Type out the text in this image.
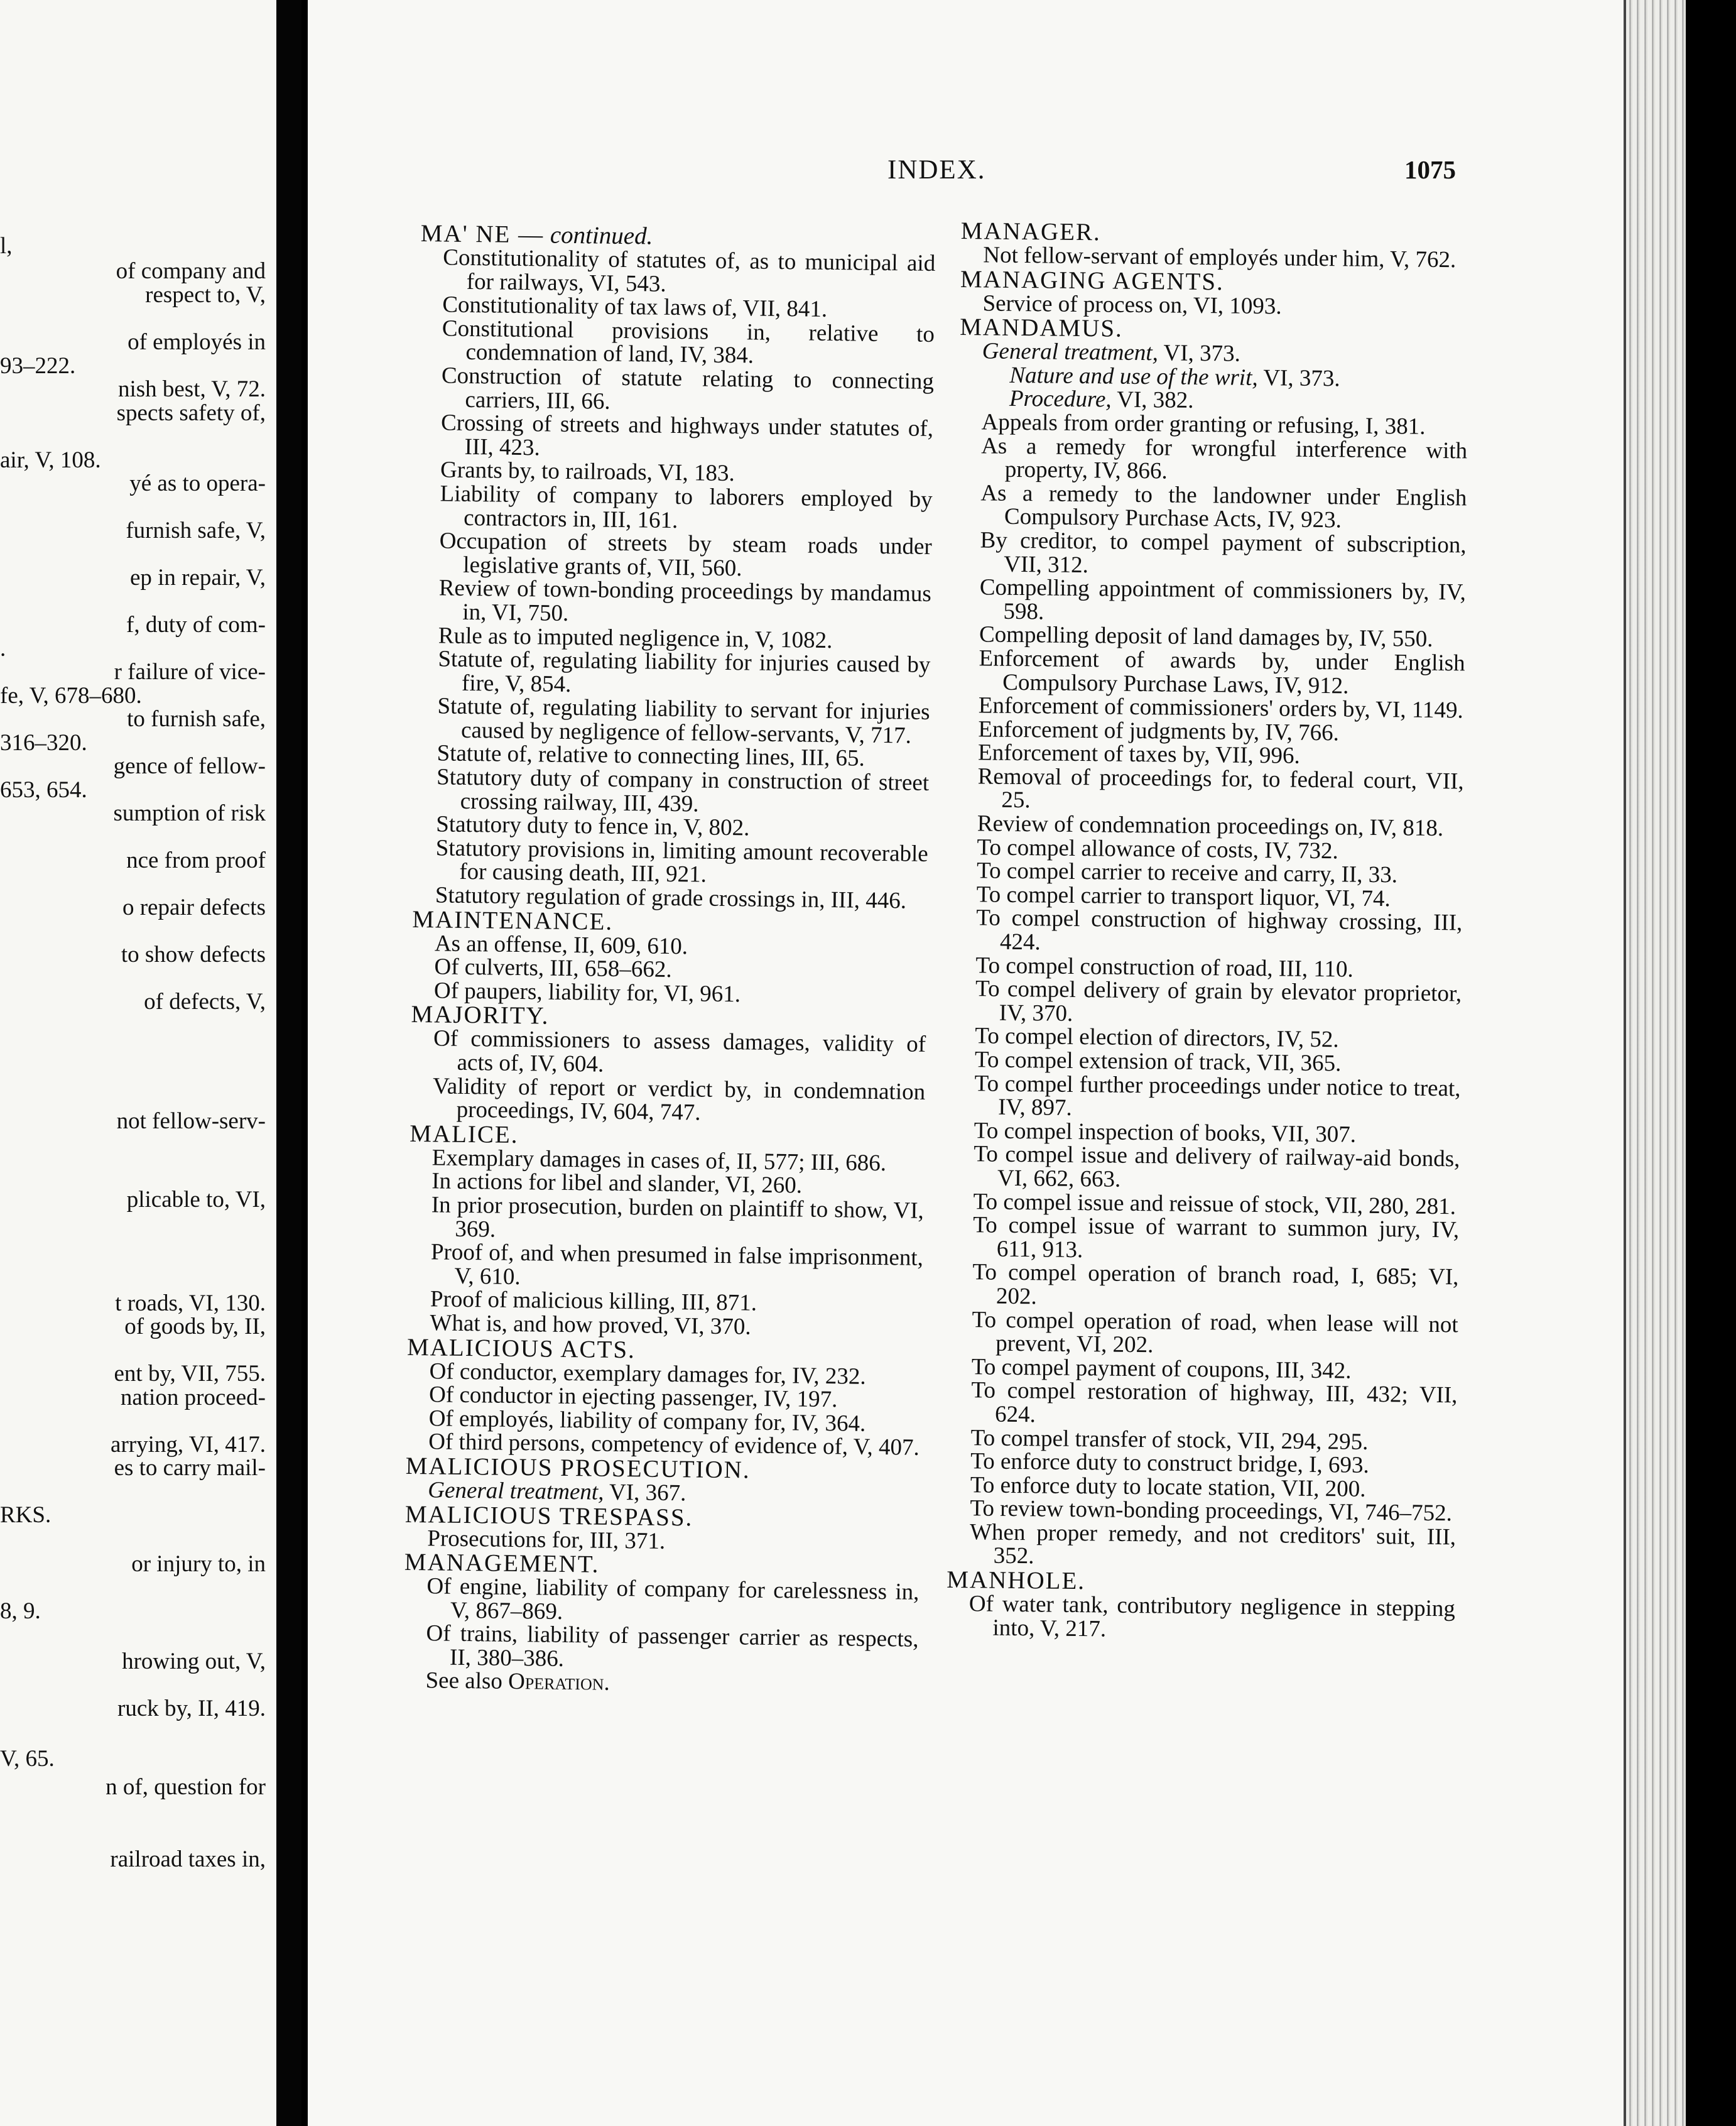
l,
of company and
respect to, V,
of employés in
93–222.
nish best, V, 72.
spects safety of,
air, V, 108.
yé as to opera-
furnish safe, V,
ep in repair, V,
f, duty of com-
.
r failure of vice-
fe, V, 678–680.
to furnish safe,
316–320.
gence of fellow-
653, 654.
sumption of risk
nce from proof
o repair defects
to show defects
of defects, V,
not fellow-serv-
plicable to, VI,
t roads, VI, 130.
of goods by, II,
ent by, VII, 755.
nation proceed-
arrying, VI, 417.
es to carry mail-
RKS.
or injury to, in
8, 9.
hrowing out, V,
ruck by, II, 419.
V, 65.
n of, question for
railroad taxes in,
INDEX.	1075
MA' NE — continued.
Constitutionality of statutes of, as to municipal aid for railways, VI, 543.
Constitutionality of tax laws of, VII, 841.
Constitutional provisions in, relative to condemnation of land, IV, 384.
Construction of statute relating to connecting carriers, III, 66.
Crossing of streets and highways under statutes of, III, 423.
Grants by, to railroads, VI, 183.
Liability of company to laborers employed by contractors in, III, 161.
Occupation of streets by steam roads under legislative grants of, VII, 560.
Review of town-bonding proceedings by mandamus in, VI, 750.
Rule as to imputed negligence in, V, 1082.
Statute of, regulating liability for injuries caused by fire, V, 854.
Statute of, regulating liability to servant for injuries caused by negligence of fellow-servants, V, 717.
Statute of, relative to connecting lines, III, 65.
Statutory duty of company in construction of street crossing railway, III, 439.
Statutory duty to fence in, V, 802.
Statutory provisions in, limiting amount recoverable for causing death, III, 921.
Statutory regulation of grade crossings in, III, 446.
MAINTENANCE.
As an offense, II, 609, 610.
Of culverts, III, 658–662.
Of paupers, liability for, VI, 961.
MAJORITY.
Of commissioners to assess damages, validity of acts of, IV, 604.
Validity of report or verdict by, in condemnation proceedings, IV, 604, 747.
MALICE.
Exemplary damages in cases of, II, 577; III, 686.
In actions for libel and slander, VI, 260.
In prior prosecution, burden on plaintiff to show, VI, 369.
Proof of, and when presumed in false imprisonment, V, 610.
Proof of malicious killing, III, 871.
What is, and how proved, VI, 370.
MALICIOUS ACTS.
Of conductor, exemplary damages for, IV, 232.
Of conductor in ejecting passenger, IV, 197.
Of employés, liability of company for, IV, 364.
Of third persons, competency of evidence of, V, 407.
MALICIOUS PROSECUTION.
General treatment, VI, 367.
MALICIOUS TRESPASS.
Prosecutions for, III, 371.
MANAGEMENT.
Of engine, liability of company for carelessness in, V, 867–869.
Of trains, liability of passenger carrier as respects, II, 380–386.
See also Operation.
MANAGER.
Not fellow-servant of employés under him, V, 762.
MANAGING AGENTS.
Service of process on, VI, 1093.
MANDAMUS.
General treatment, VI, 373.
Nature and use of the writ, VI, 373.
Procedure, VI, 382.
Appeals from order granting or refusing, I, 381.
As a remedy for wrongful interference with property, IV, 866.
As a remedy to the landowner under English Compulsory Purchase Acts, IV, 923.
By creditor, to compel payment of subscription, VII, 312.
Compelling appointment of commissioners by, IV, 598.
Compelling deposit of land damages by, IV, 550.
Enforcement of awards by, under English Compulsory Purchase Laws, IV, 912.
Enforcement of commissioners' orders by, VI, 1149.
Enforcement of judgments by, IV, 766.
Enforcement of taxes by, VII, 996.
Removal of proceedings for, to federal court, VII, 25.
Review of condemnation proceedings on, IV, 818.
To compel allowance of costs, IV, 732.
To compel carrier to receive and carry, II, 33.
To compel carrier to transport liquor, VI, 74.
To compel construction of highway crossing, III, 424.
To compel construction of road, III, 110.
To compel delivery of grain by elevator proprietor, IV, 370.
To compel election of directors, IV, 52.
To compel extension of track, VII, 365.
To compel further proceedings under notice to treat, IV, 897.
To compel inspection of books, VII, 307.
To compel issue and delivery of railway-aid bonds, VI, 662, 663.
To compel issue and reissue of stock, VII, 280, 281.
To compel issue of warrant to summon jury, IV, 611, 913.
To compel operation of branch road, I, 685; VI, 202.
To compel operation of road, when lease will not prevent, VI, 202.
To compel payment of coupons, III, 342.
To compel restoration of highway, III, 432; VII, 624.
To compel transfer of stock, VII, 294, 295.
To enforce duty to construct bridge, I, 693.
To enforce duty to locate station, VII, 200.
To review town-bonding proceedings, VI, 746–752.
When proper remedy, and not creditors' suit, III, 352.
MANHOLE.
Of water tank, contributory negligence in stepping into, V, 217.
